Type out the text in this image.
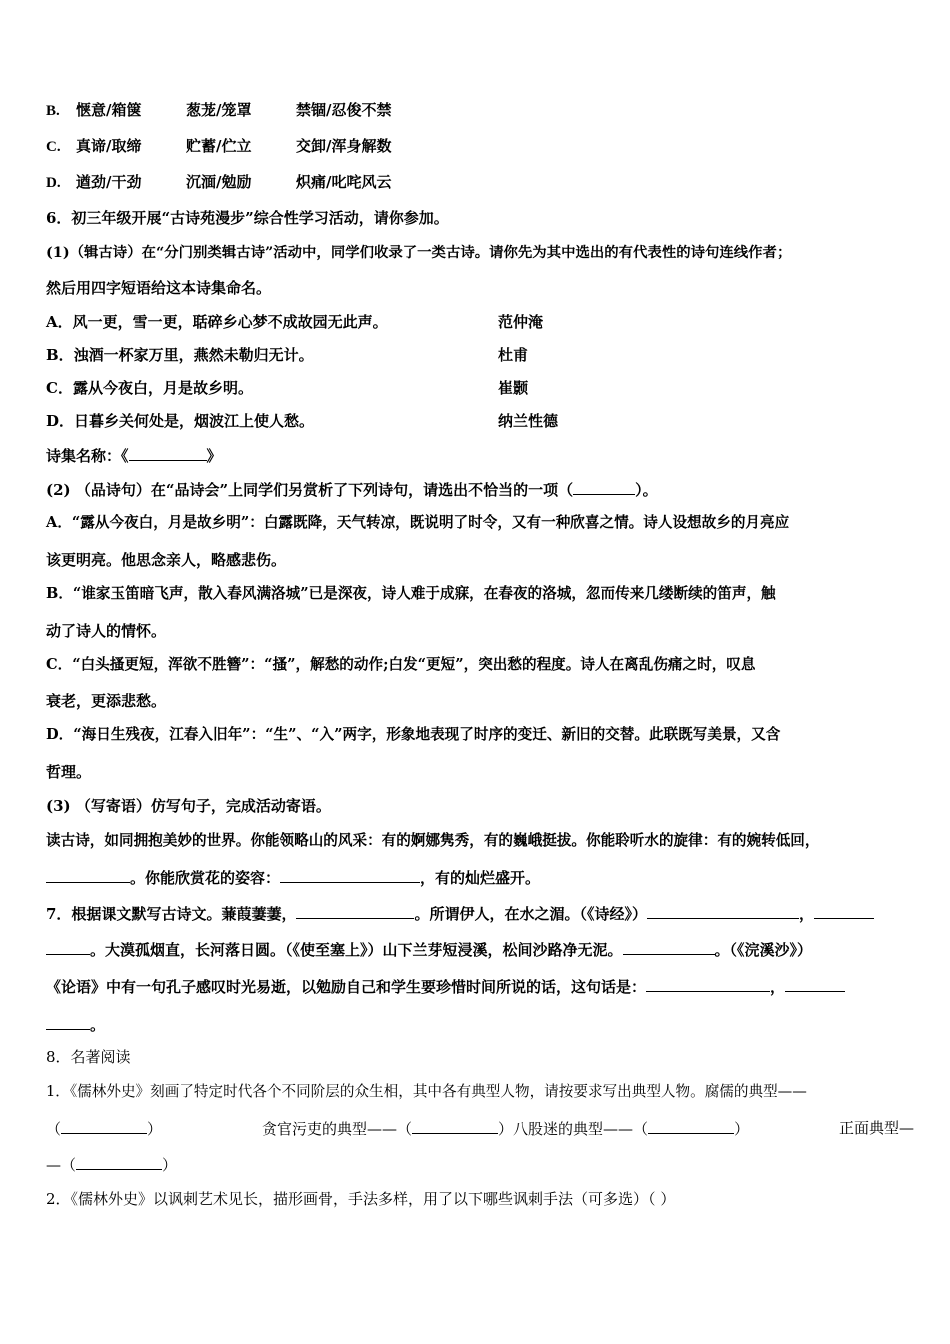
B. 惬意/箱箧	葱茏/笼罩	禁锢/忍俊不禁
C. 真谛/取缔	贮蓄/伫立	交卸/浑身解数
D. 遒劲/干劲	沉湎/勉励	炽痛/叱咤风云
6．初三年级开展“古诗苑漫步”综合性学习活动，请你参加。
(1)（辑古诗）在“分门别类辑古诗”活动中，同学们收录了一类古诗。请你先为其中选出的有代表性的诗句连线作者；
然后用四字短语给这本诗集命名。
A．风一更，雪一更，聒碎乡心梦不成故园无此声。	范仲淹
B．浊酒一杯家万里，燕然未勒归无计。	杜甫
C．露从今夜白，月是故乡明。	崔颢
D．日暮乡关何处是，烟波江上使人愁。	纳兰性德
诗集名称：《	》
(2) （品诗句）在“品诗会”上同学们另赏析了下列诗句，请选出不恰当的一项（	）。
A．“露从今夜白，月是故乡明”：白露既降，天气转凉，既说明了时令，又有一种欣喜之情。诗人设想故乡的月亮应
该更明亮。他思念亲人，略感悲伤。
B．“谁家玉笛暗飞声，散入春风满洛城”已是深夜，诗人难于成寐，在春夜的洛城，忽而传来几缕断续的笛声，触
动了诗人的情怀。
C．“白头搔更短，浑欲不胜簪”：“搔”，解愁的动作;白发“更短”，突出愁的程度。诗人在离乱伤痛之时，叹息
衰老，更添悲愁。
D．“海日生残夜，江春入旧年”：“生”、“入”两字，形象地表现了时序的变迁、新旧的交替。此联既写美景，又含
哲理。
(3) （写寄语）仿写句子，完成活动寄语。
读古诗，如同拥抱美妙的世界。你能领略山的风采：有的婀娜隽秀，有的巍峨挺拔。你能聆听水的旋律：有的婉转低回，
。你能欣赏花的姿容：	，有的灿烂盛开。
7．根据课文默写古诗文。蒹葭萋萋，	。所谓伊人，在水之湄。（《诗经》）	，
。大漠孤烟直，长河落日圆。（《使至塞上》）山下兰芽短浸溪，松间沙路净无泥。	。（《浣溪沙》）
《论语》中有一句孔子感叹时光易逝，以勉励自己和学生要珍惜时间所说的话，这句话是：	，
。
8．名著阅读
1．《儒林外史》刻画了特定时代各个不同阶层的众生相，其中各有典型人物，请按要求写出典型人物。腐儒的典型——
（	）	贪官污吏的典型——（	）八股迷的典型——（	）	正面典型—
—（	）
2．《儒林外史》以讽刺艺术见长，描形画骨，手法多样，用了以下哪些讽刺手法（可多选）（ ）
